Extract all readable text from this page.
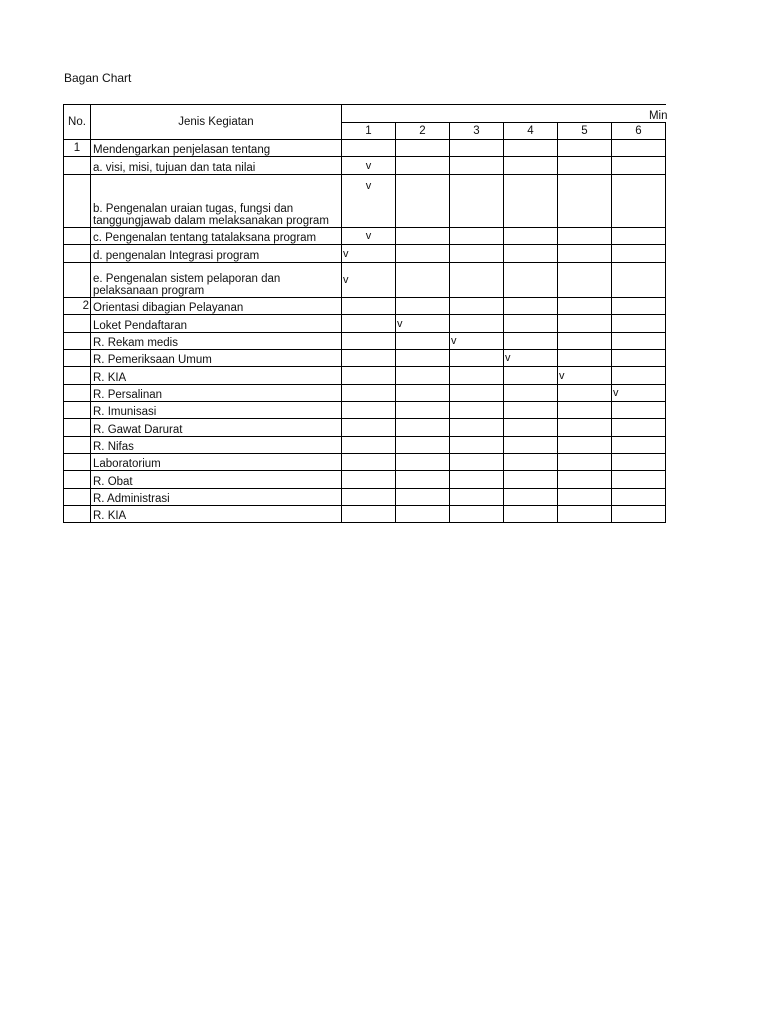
Bagan Chart
No.	Jenis Kegiatan	Min					
		1	2	3	4	5	6
1	Mendengarkan penjelasan tentang						
	a. visi, misi, tujuan dan tata nilai	v					
	b. Pengenalan uraian tugas, fungsi dan tanggungjawab dalam melaksanakan program	v					
	c. Pengenalan tentang tatalaksana program	v					
	d. pengenalan Integrasi program	v					
	e. Pengenalan sistem pelaporan dan pelaksanaan program	v					
2	Orientasi dibagian Pelayanan						
	Loket Pendaftaran		v				
	R. Rekam medis			v			
	R. Pemeriksaan Umum				v		
	R. KIA					v	
	R. Persalinan						v
	R. Imunisasi						
	R. Gawat Darurat						
	R. Nifas						
	Laboratorium						
	R. Obat						
	R. Administrasi						
	R. KIA						
